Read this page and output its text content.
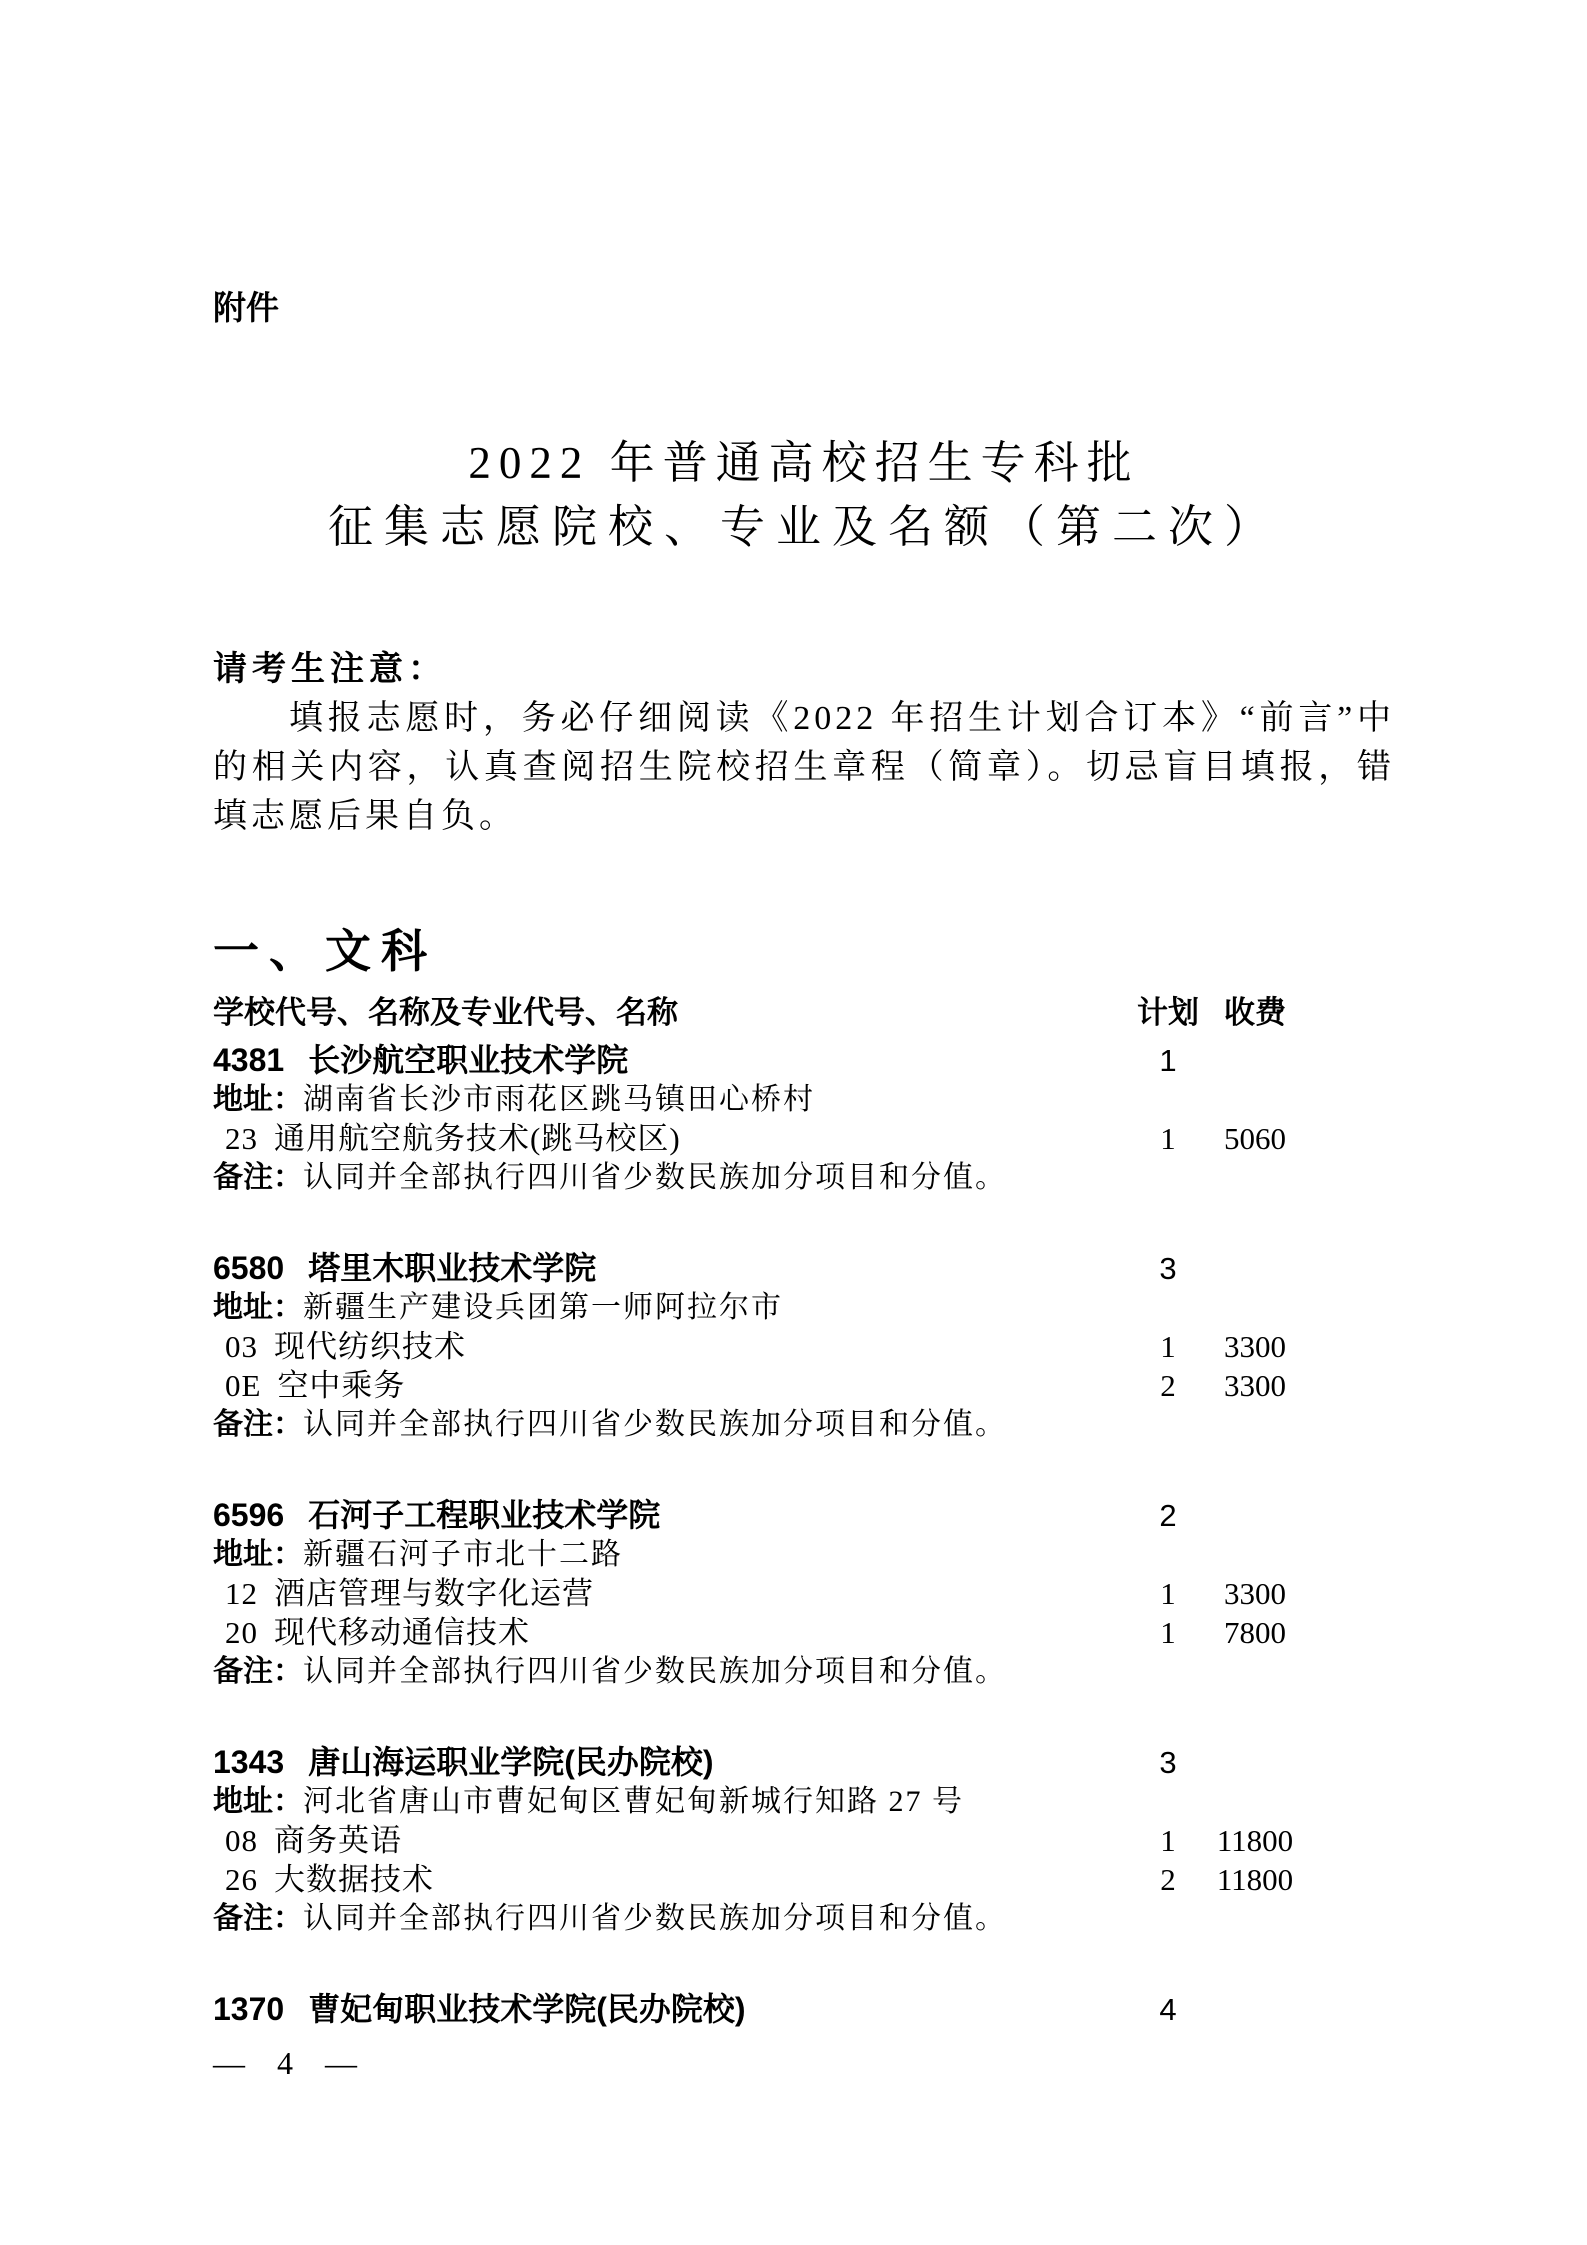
附件
2022 年普通高校招生专科批
征集志愿院校、专业及名额（第二次）
请考生注意：

填报志愿时，务必仔细阅读《2022 年招生计划合订本》“前言”中的相关内容，认真查阅招生院校招生章程（简章）。切忌盲目填报，错填志愿后果自负。

一、文科
学校代号、名称及专业代号、名称	计划 收费
4381 长沙航空职业技术学院	1
地址：湖南省长沙市雨花区跳马镇田心桥村
23 通用航空航务技术(跳马校区)	1	5060
备注：认同并全部执行四川省少数民族加分项目和分值。
6580 塔里木职业技术学院	3
地址：新疆生产建设兵团第一师阿拉尔市
03 现代纺织技术	1	3300
0E 空中乘务	2	3300
备注：认同并全部执行四川省少数民族加分项目和分值。
6596 石河子工程职业技术学院	2
地址：新疆石河子市北十二路
12 酒店管理与数字化运营	1	3300
20 现代移动通信技术	1	7800
备注：认同并全部执行四川省少数民族加分项目和分值。
1343 唐山海运职业学院(民办院校)	3
地址：河北省唐山市曹妃甸区曹妃甸新城行知路 27 号
08 商务英语	1	11800
26 大数据技术	2	11800
备注：认同并全部执行四川省少数民族加分项目和分值。
1370 曹妃甸职业技术学院(民办院校)	4
— 4 —
